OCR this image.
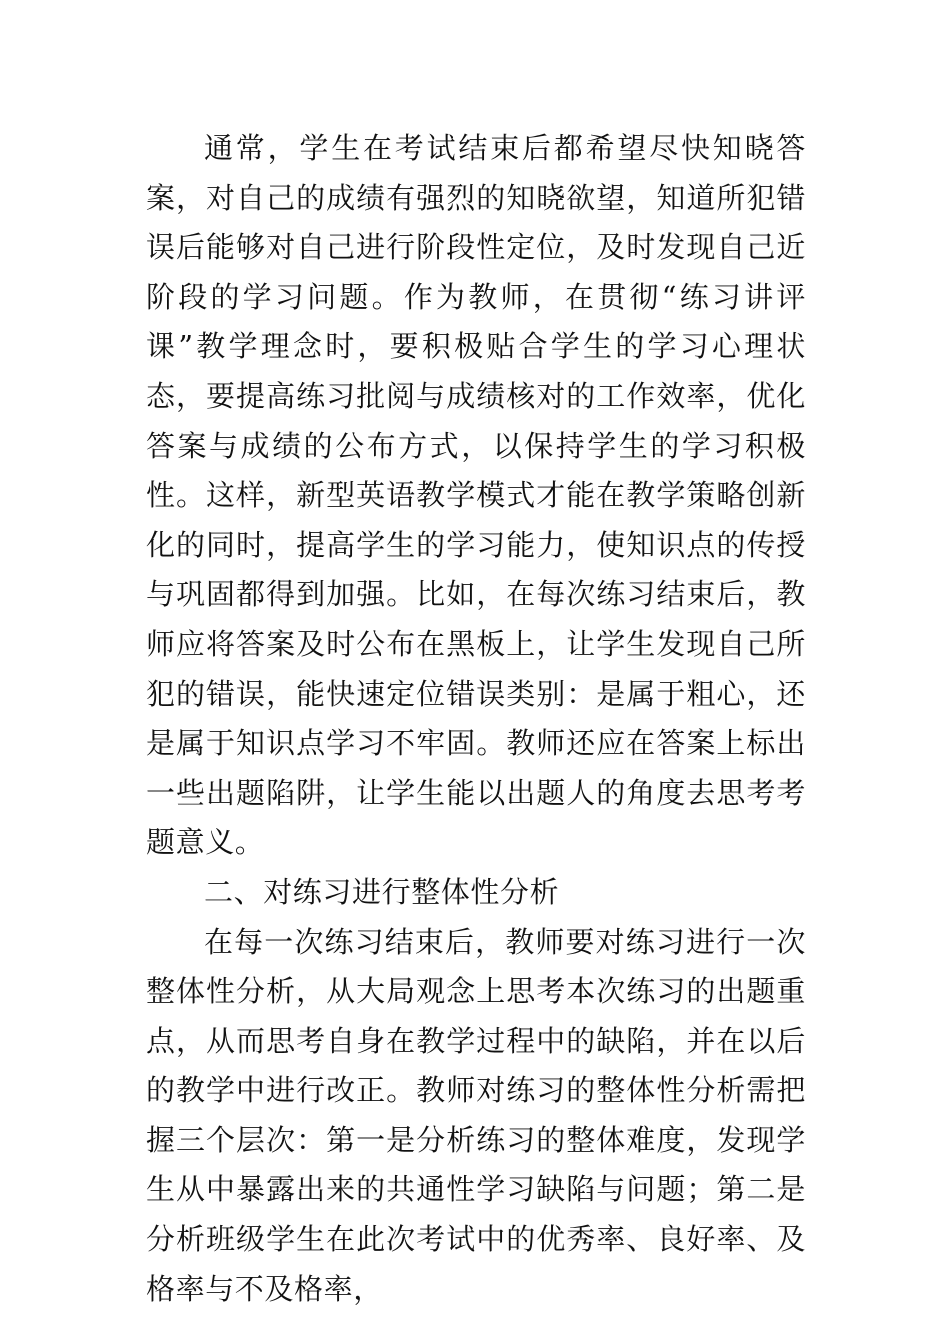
通常，学生在考试结束后都希望尽快知晓答案，对自己的成绩有强烈的知晓欲望，知道所犯错误后能够对自己进行阶段性定位，及时发现自己近阶段的学习问题。作为教师，在贯彻“练习讲评课”教学理念时，要积极贴合学生的学习心理状态，要提高练习批阅与成绩核对的工作效率，优化答案与成绩的公布方式，以保持学生的学习积极性。这样，新型英语教学模式才能在教学策略创新化的同时，提高学生的学习能力，使知识点的传授与巩固都得到加强。比如，在每次练习结束后，教师应将答案及时公布在黑板上，让学生发现自己所犯的错误，能快速定位错误类别：是属于粗心，还是属于知识点学习不牢固。教师还应在答案上标出一些出题陷阱，让学生能以出题人的角度去思考考题意义。

二、对练习进行整体性分析

在每一次练习结束后，教师要对练习进行一次整体性分析，从大局观念上思考本次练习的出题重点，从而思考自身在教学过程中的缺陷，并在以后的教学中进行改正。教师对练习的整体性分析需把握三个层次：第一是分析练习的整体难度，发现学生从中暴露出来的共通性学习缺陷与问题；第二是分析班级学生在此次考试中的优秀率、良好率、及格率与不及格率，
